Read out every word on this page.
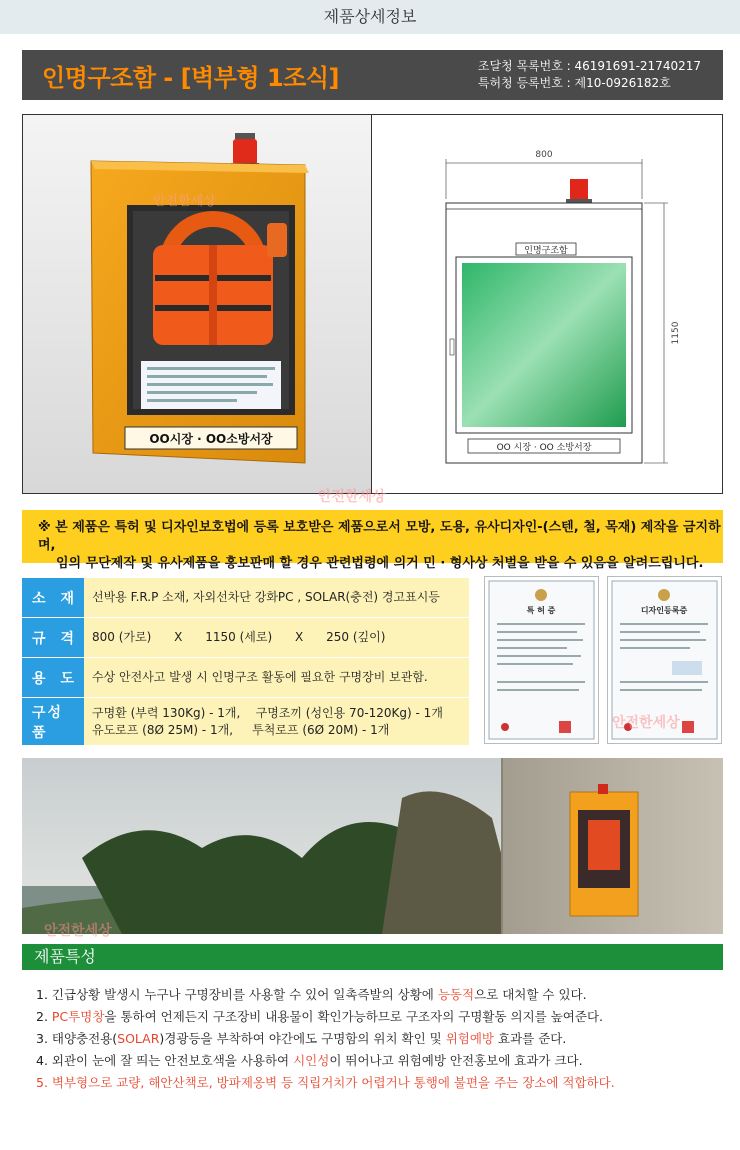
제품상세정보
인명구조함 - [벽부형 1조식]	조달청 목록번호 : 46191691-21740217
특허청 등록번호 : 제10-0926182호
OO시장 · OO소방서장
안전한세상
800
인명구조함
OO 시장 · OO 소방서장
1150
안전한세상
※ 본 제품은 특허 및 디자인보호법에 등록 보호받은 제품으로서 모방, 도용, 유사디자인-(스텐, 철, 목재) 제작을 금지하며,
임의 무단제작 및 유사제품을 홍보판매 할 경우 관련법령에 의거 민 · 형사상 처벌을 받을 수 있음을 알려드립니다.
소 재 선박용 F.R.P 소재, 자외선차단 강화PC , SOLAR(충전) 경고표시등
규 격 800 (가로)      X      1150 (세로)      X      250 (깊이)
용 도 수상 안전사고 발생 시 인명구조 활동에 필요한 구명장비 보관함.
구성품
구명환 (부력 130Kg) - 1개,    구명조끼 (성인용 70-120Kg) - 1개
유도로프 (8Ø 25M) - 1개,     투척로프 (6Ø 20M) - 1개
특 허 증	디자인등록증
안전한세상
안전한세상
제품특성
1. 긴급상황 발생시 누구나 구명장비를 사용할 수 있어 일촉즉발의 상황에 능동적으로 대처할 수 있다.
2. PC투명창을 통하여 언제든지 구조장비 내용물이 확인가능하므로 구조자의 구명활동 의지를 높여준다.
3. 태양충전용(SOLAR)경광등을 부착하여 야간에도 구명함의 위치 확인 및 위험예방 효과를 준다.
4. 외관이 눈에 잘 띄는 안전보호색을 사용하여 시인성이 뛰어나고 위험예방 안전홍보에 효과가 크다.
5. 벽부형으로 교량, 해안산책로, 방파제옹벽 등 직립거치가 어렵거나 통행에 불편을 주는 장소에 적합하다.
